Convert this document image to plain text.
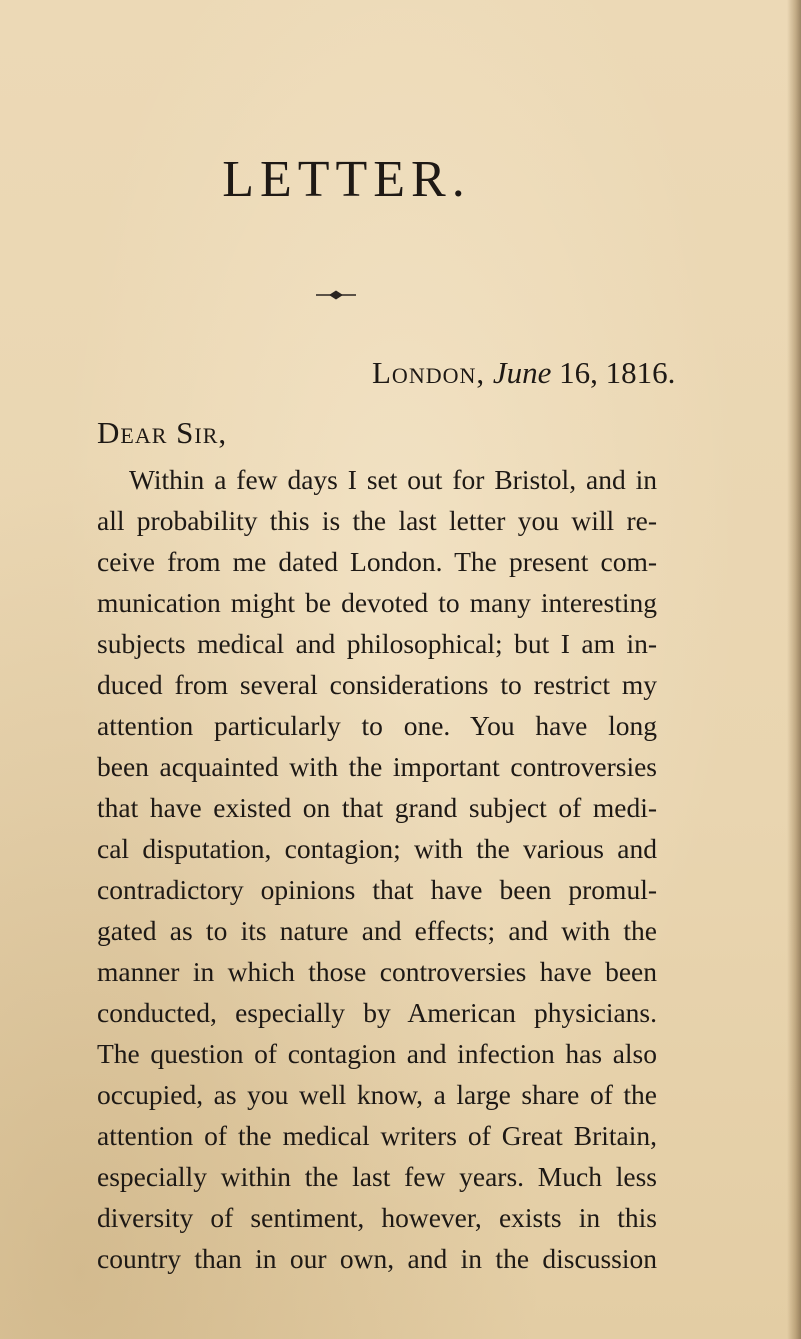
LETTER.
London, June 16, 1816.
Dear Sir,
Within a few days I set out for Bristol, and in
all probability this is the last letter you will re-
ceive from me dated London. The present com-
munication might be devoted to many interesting
subjects medical and philosophical; but I am in-
duced from several considerations to restrict my
attention particularly to one. You have long
been acquainted with the important controversies
that have existed on that grand subject of medi-
cal disputation, contagion; with the various and
contradictory opinions that have been promul-
gated as to its nature and effects; and with the
manner in which those controversies have been
conducted, especially by American physicians.
The question of contagion and infection has also
occupied, as you well know, a large share of the
attention of the medical writers of Great Britain,
especially within the last few years. Much less
diversity of sentiment, however, exists in this
country than in our own, and in the discussion
